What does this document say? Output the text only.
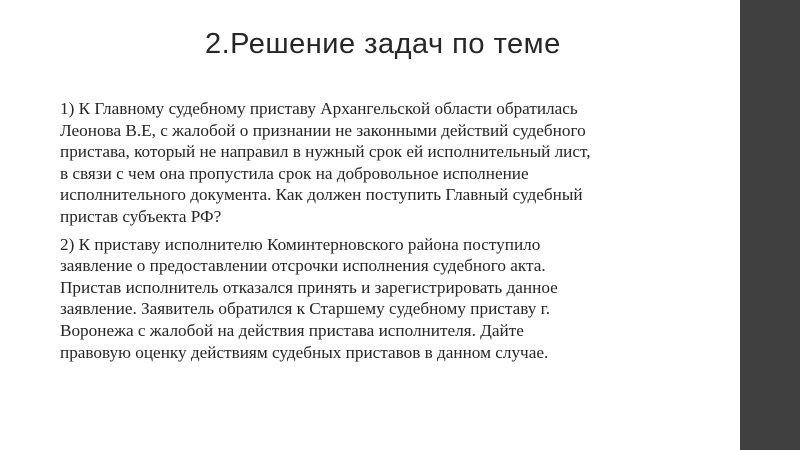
2.Решение задач по теме
1) К Главному судебному приставу Архангельской области обратилась
Леонова В.Е, с жалобой о признании не законными действий судебного
пристава, который не направил в нужный срок ей исполнительный лист,
в связи с чем она пропустила срок на добровольное исполнение
исполнительного документа. Как должен поступить Главный судебный
пристав субъекта РФ?
2) К приставу исполнителю Коминтерновского района поступило
заявление о предоставлении отсрочки исполнения судебного акта.
Пристав исполнитель отказался принять и зарегистрировать данное
заявление. Заявитель обратился к Старшему судебному приставу г.
Воронежа с жалобой на действия пристава исполнителя. Дайте
правовую оценку действиям судебных приставов в данном случае.
